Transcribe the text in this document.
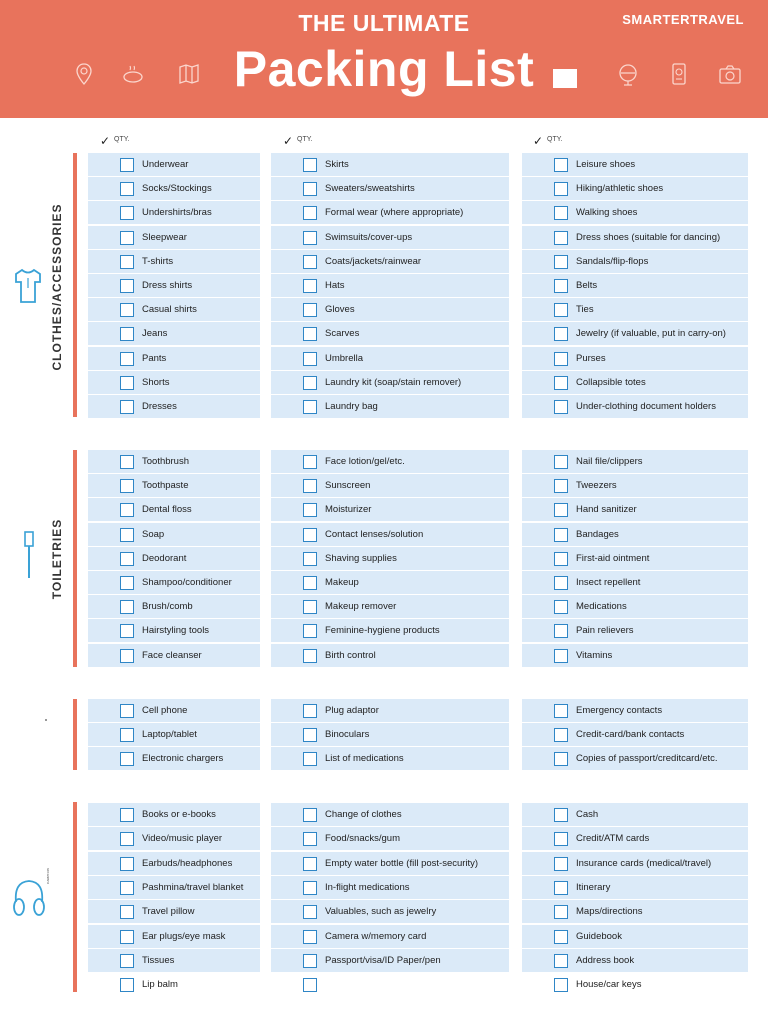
THE ULTIMATE
Packing List
SMARTERTRAVEL
✓ QTY.	✓ QTY.	✓ QTY.
CLOTHES/ACCESSORIES
TOILETRIES
CARRY-ON
Underwear
Socks/Stockings
Undershirts/bras
Sleepwear
T-shirts
Dress shirts
Casual shirts
Jeans
Pants
Shorts
Dresses
Skirts
Sweaters/sweatshirts
Formal wear (where appropriate)
Swimsuits/cover-ups
Coats/jackets/rainwear
Hats
Gloves
Scarves
Umbrella
Laundry kit (soap/stain remover)
Laundry bag
Leisure shoes
Hiking/athletic shoes
Walking shoes
Dress shoes (suitable for dancing)
Sandals/flip-flops
Belts
Ties
Jewelry (if valuable, put in carry-on)
Purses
Collapsible totes
Under-clothing document holders
Toothbrush
Toothpaste
Dental floss
Soap
Deodorant
Shampoo/conditioner
Brush/comb
Hairstyling tools
Face cleanser
Face lotion/gel/etc.
Sunscreen
Moisturizer
Contact lenses/solution
Shaving supplies
Makeup
Makeup remover
Feminine-hygiene products
Birth control
Nail file/clippers
Tweezers
Hand sanitizer
Bandages
First-aid ointment
Insect repellent
Medications
Pain relievers
Vitamins
Cell phone
Laptop/tablet
Electronic chargers
Plug adaptor
Binoculars
List of medications
Emergency contacts
Credit-card/bank contacts
Copies of passport/creditcard/etc.
Books or e-books
Video/music player
Earbuds/headphones
Pashmina/travel blanket
Travel pillow
Ear plugs/eye mask
Tissues
Lip balm
Change of clothes
Food/snacks/gum
Empty water bottle (fill post-security)
In-flight medications
Valuables, such as jewelry
Camera w/memory card
Passport/visa/ID Paper/pen
Cash
Credit/ATM cards
Insurance cards (medical/travel)
Itinerary
Maps/directions
Guidebook
Address book
House/car keys
